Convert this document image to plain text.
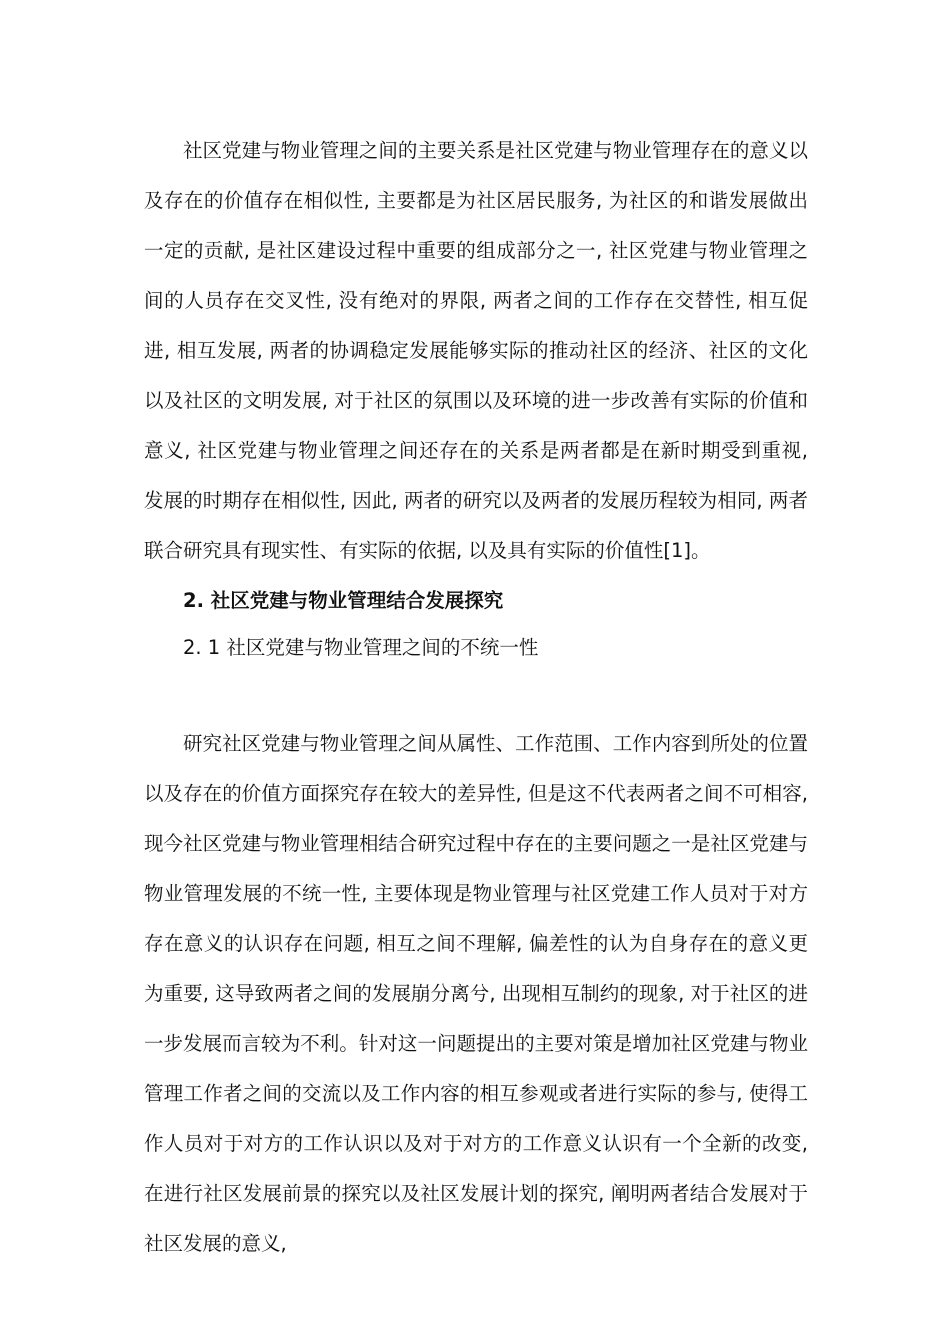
社区党建与物业管理之间的主要关系是社区党建与物业管理存在的意义以及存在的价值存在相似性, 主要都是为社区居民服务, 为社区的和谐发展做出一定的贡献, 是社区建设过程中重要的组成部分之一, 社区党建与物业管理之间的人员存在交叉性, 没有绝对的界限, 两者之间的工作存在交替性, 相互促进, 相互发展, 两者的协调稳定发展能够实际的推动社区的经济、社区的文化以及社区的文明发展, 对于社区的氛围以及环境的进一步改善有实际的价值和意义, 社区党建与物业管理之间还存在的关系是两者都是在新时期受到重视, 发展的时期存在相似性, 因此, 两者的研究以及两者的发展历程较为相同, 两者联合研究具有现实性、有实际的依据, 以及具有实际的价值性[1]。

2. 社区党建与物业管理结合发展探究

2. 1 社区党建与物业管理之间的不统一性

研究社区党建与物业管理之间从属性、工作范围、工作内容到所处的位置以及存在的价值方面探究存在较大的差异性, 但是这不代表两者之间不可相容, 现今社区党建与物业管理相结合研究过程中存在的主要问题之一是社区党建与物业管理发展的不统一性, 主要体现是物业管理与社区党建工作人员对于对方存在意义的认识存在问题, 相互之间不理解, 偏差性的认为自身存在的意义更为重要, 这导致两者之间的发展崩分离兮, 出现相互制约的现象, 对于社区的进一步发展而言较为不利。针对这一问题提出的主要对策是增加社区党建与物业管理工作者之间的交流以及工作内容的相互参观或者进行实际的参与, 使得工作人员对于对方的工作认识以及对于对方的工作意义认识有一个全新的改变, 在进行社区发展前景的探究以及社区发展计划的探究, 阐明两者结合发展对于社区发展的意义,
